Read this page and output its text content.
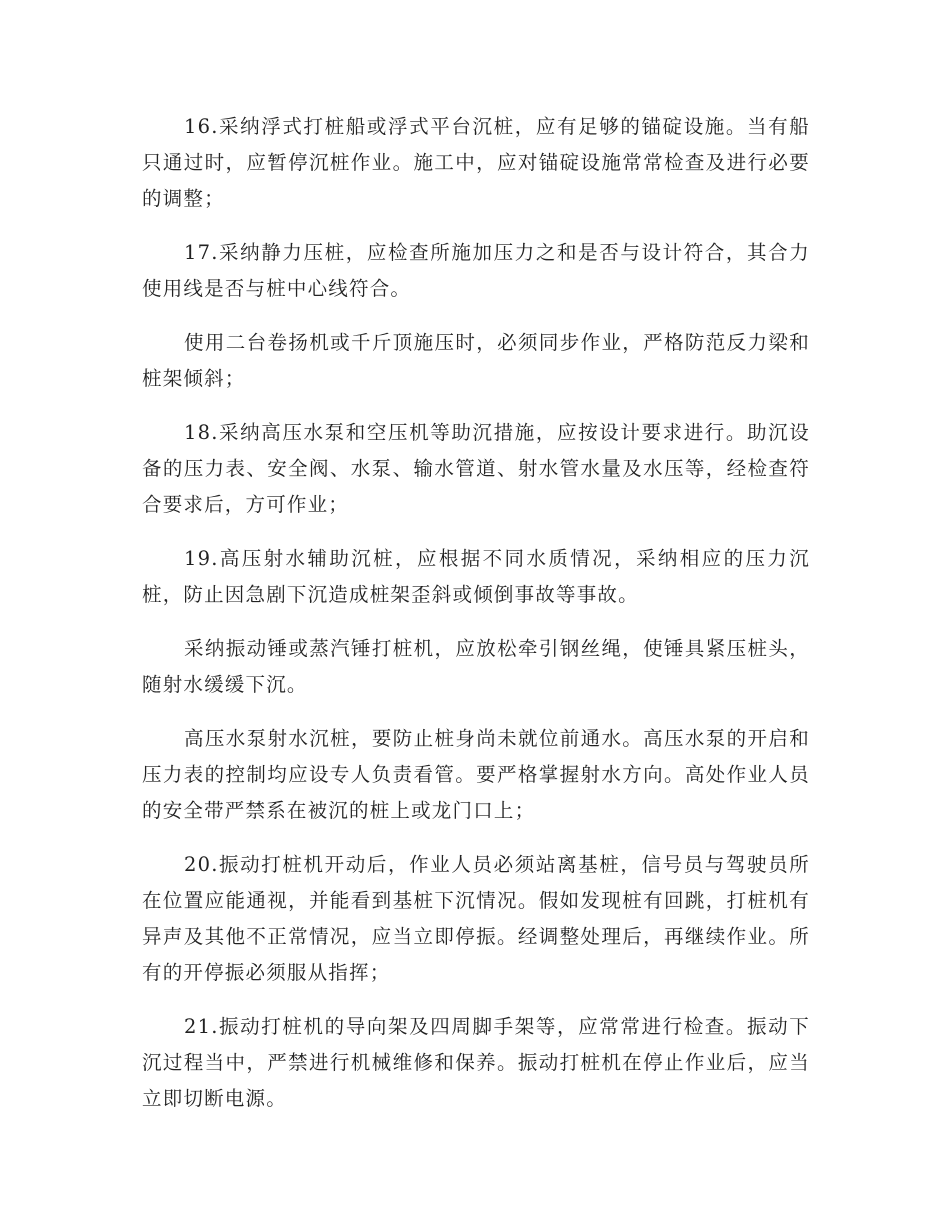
16.采纳浮式打桩船或浮式平台沉桩，应有足够的锚碇设施。当有船只通过时，应暂停沉桩作业。施工中，应对锚碇设施常常检查及进行必要的调整；

17.采纳静力压桩，应检查所施加压力之和是否与设计符合，其合力使用线是否与桩中心线符合。

使用二台卷扬机或千斤顶施压时，必须同步作业，严格防范反力梁和桩架倾斜；

18.采纳高压水泵和空压机等助沉措施，应按设计要求进行。助沉设备的压力表、安全阀、水泵、输水管道、射水管水量及水压等，经检查符合要求后，方可作业；

19.高压射水辅助沉桩，应根据不同水质情况，采纳相应的压力沉桩，防止因急剧下沉造成桩架歪斜或倾倒事故等事故。

采纳振动锤或蒸汽锤打桩机，应放松牵引钢丝绳，使锤具紧压桩头，随射水缓缓下沉。

高压水泵射水沉桩，要防止桩身尚未就位前通水。高压水泵的开启和压力表的控制均应设专人负责看管。要严格掌握射水方向。高处作业人员的安全带严禁系在被沉的桩上或龙门口上；

20.振动打桩机开动后，作业人员必须站离基桩，信号员与驾驶员所在位置应能通视，并能看到基桩下沉情况。假如发现桩有回跳，打桩机有异声及其他不正常情况，应当立即停振。经调整处理后，再继续作业。所有的开停振必须服从指挥；

21.振动打桩机的导向架及四周脚手架等，应常常进行检查。振动下沉过程当中，严禁进行机械维修和保养。振动打桩机在停止作业后，应当立即切断电源。
